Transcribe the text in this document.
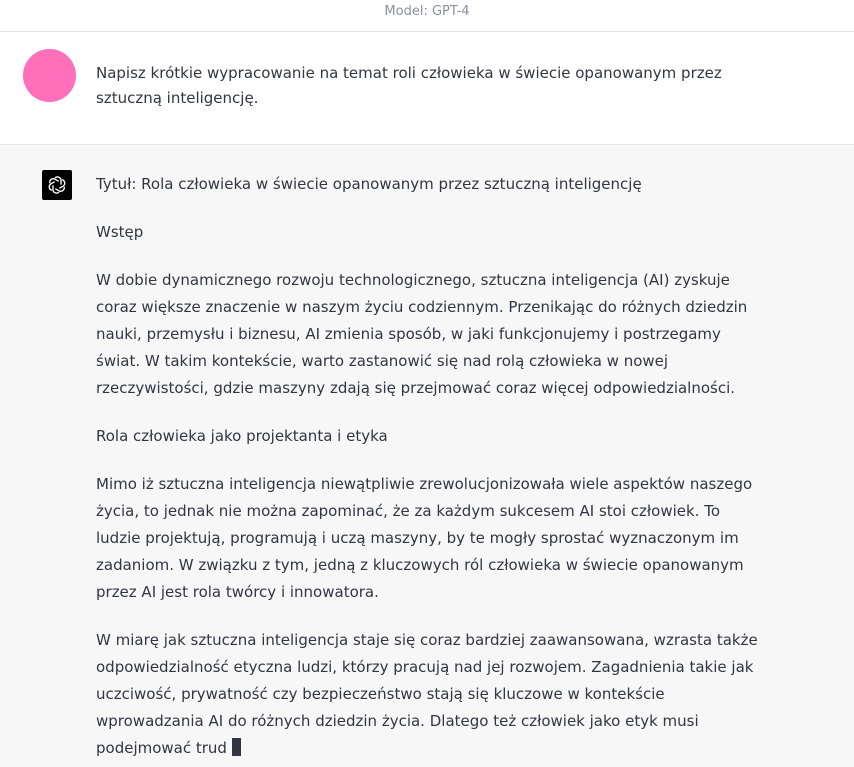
Model: GPT-4
Napisz krótkie wypracowanie na temat roli człowieka w świecie opanowanym przez sztuczną inteligencję.

Tytuł: Rola człowieka w świecie opanowanym przez sztuczną inteligencję

Wstęp

W dobie dynamicznego rozwoju technologicznego, sztuczna inteligencja (AI) zyskuje coraz większe znaczenie w naszym życiu codziennym. Przenikając do różnych dziedzin nauki, przemysłu i biznesu, AI zmienia sposób, w jaki funkcjonujemy i postrzegamy świat. W takim kontekście, warto zastanowić się nad rolą człowieka w nowej rzeczywistości, gdzie maszyny zdają się przejmować coraz więcej odpowiedzialności.

Rola człowieka jako projektanta i etyka

Mimo iż sztuczna inteligencja niewątpliwie zrewolucjonizowała wiele aspektów naszego życia, to jednak nie można zapominać, że za każdym sukcesem AI stoi człowiek. To ludzie projektują, programują i uczą maszyny, by te mogły sprostać wyznaczonym im zadaniom. W związku z tym, jedną z kluczowych ról człowieka w świecie opanowanym przez AI jest rola twórcy i innowatora.

W miarę jak sztuczna inteligencja staje się coraz bardziej zaawansowana, wzrasta także odpowiedzialność etyczna ludzi, którzy pracują nad jej rozwojem. Zagadnienia takie jak uczciwość, prywatność czy bezpieczeństwo stają się kluczowe w kontekście wprowadzania AI do różnych dziedzin życia. Dlatego też człowiek jako etyk musi podejmować trud
